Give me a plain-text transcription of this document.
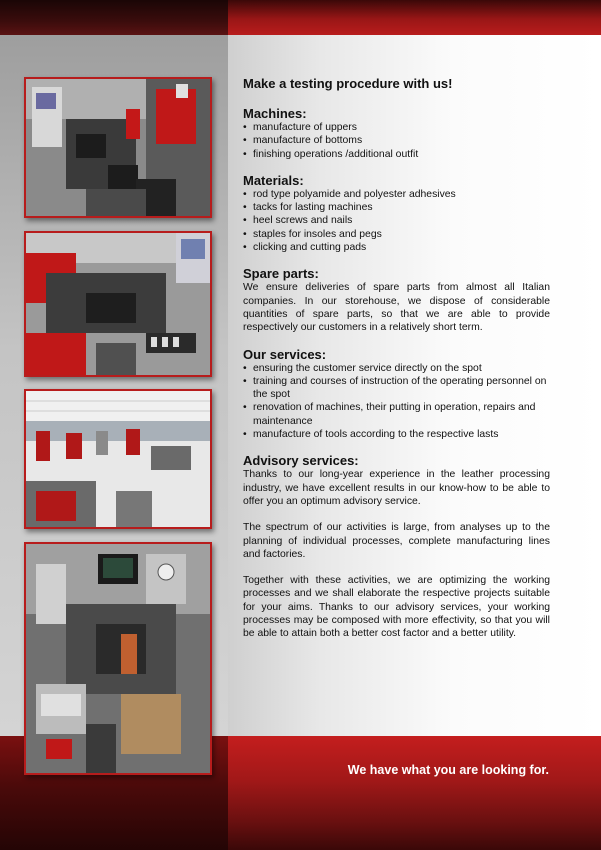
Make a testing procedure with us!
Machines:
• manufacture of uppers
• manufacture of bottoms
• finishing operations /additional outfit
Materials:
• rod type polyamide and polyester adhesives
• tacks for lasting machines
• heel screws and nails
• staples for insoles and pegs
• clicking and cutting pads
Spare parts:

We ensure deliveries of spare parts from almost all Italian companies. In our storehouse, we dispose of considerable quantities of spare parts, so that we are able to provide respectively our customers in a relatively short term.

Our services:
• ensuring the customer service directly on the spot
• training and courses of instruction of the operating personnel on the spot
• renovation of machines, their putting in operation, repairs and maintenance
• manufacture of tools according to the respective lasts
Advisory services:

Thanks to our long-year experience in the leather processing industry, we have excellent results in our know-how to be able to offer you an optimum advisory service.

The spectrum of our activities is large, from analyses up to the planning of individual processes, complete manufacturing lines and factories.

Together with these activities, we are optimizing the working processes and we shall elaborate the respective projects suitable for your aims. Thanks to our advisory services, your working processes may be composed with more effectivity, so that you will be able to attain both a better cost factor and a better utility.

We have what you are looking for.
